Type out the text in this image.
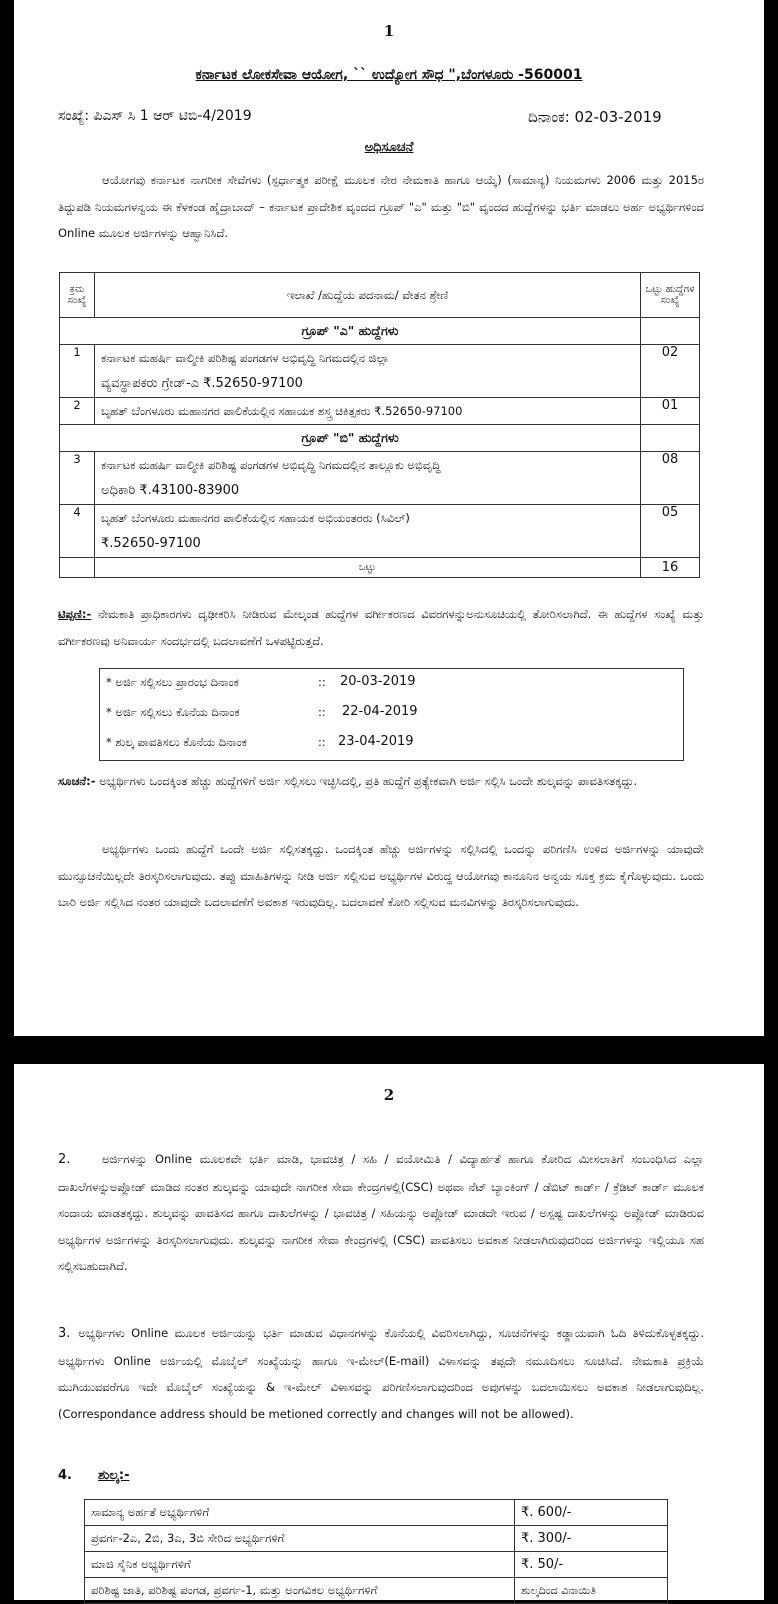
1
ಕರ್ನಾಟಕ ಲೋಕಸೇವಾ ಆಯೋಗ, `` ಉದ್ಯೋಗ ಸೌಧ ",ಬೆಂಗಳೂರು -560001
ಸಂಖ್ಯೆ: ಪಿಎಸ್ ಸಿ 1 ಆರ್ ಟಿಬಿ-4/2019	ದಿನಾಂಕ: 02-03-2019
ಅಧಿಸೂಚನೆ

ಆಯೋಗವು ಕರ್ನಾಟಕ ನಾಗರೀಕ ಸೇವೆಗಳು (ಸ್ಪರ್ಧಾತ್ಮಕ ಪರೀಕ್ಷೆ ಮೂಲಕ ನೇರ ನೇಮಕಾತಿ ಹಾಗೂ ಆಯ್ಕೆ) (ಸಾಮಾನ್ಯ) ನಿಯಮಗಳು 2006 ಮತ್ತು 2015ರ ತಿದ್ದುಪಡಿ ನಿಯಮಗಳನ್ವಯ ಈ ಕೆಳಕಂಡ ಹೈದ್ರಾಬಾದ್ – ಕರ್ನಾಟಕ ಪ್ರಾದೇಶಿಕ ವೃಂದದ ಗ್ರೂಪ್ "ಎ" ಮತ್ತು "ಬಿ" ವೃಂದದ ಹುದ್ದೆಗಳನ್ನು ಭರ್ತಿ ಮಾಡಲು ಅರ್ಹ ಅಭ್ಯರ್ಥಿಗಳಿಂದ Online ಮೂಲಕ ಅರ್ಜಿಗಳನ್ನು ಆಹ್ವಾನಿಸಿದೆ.

ಕ್ರಮ ಸಂಖ್ಯೆ	ಇಲಾಖೆ /ಹುದ್ದೆಯ ಪದನಾಮ/ ವೇತನ ಶ್ರೇಣಿ	ಒಟ್ಟು ಹುದ್ದೆಗಳ ಸಂಖ್ಯೆ
ಗ್ರೂಪ್ "ಎ" ಹುದ್ದೆಗಳು		
1	ಕರ್ನಾಟಕ ಮಹರ್ಷಿ ವಾಲ್ಮೀಕಿ ಪರಿಶಿಷ್ಟ ಪಂಗಡಗಳ ಅಭಿವೃದ್ಧಿ ನಿಗಮದಲ್ಲಿನ ಜಿಲ್ಲಾ
ವ್ಯವಸ್ಥಾಪಕರು ಗ್ರೇಡ್-ಎ ₹.52650-97100	02
2	ಬೃಹತ್ ಬೆಂಗಳೂರು ಮಹಾನಗರ ಪಾಲಿಕೆಯಲ್ಲಿನ ಸಹಾಯಕ ಶಸ್ತ್ರ ಚಿಕಿತ್ಸಕರು ₹.52650-97100	01
ಗ್ರೂಪ್ "ಬಿ" ಹುದ್ದೆಗಳು		
3	ಕರ್ನಾಟಕ ಮಹರ್ಷಿ ವಾಲ್ಮೀಕಿ ಪರಿಶಿಷ್ಟ ಪಂಗಡಗಳ ಅಭಿವೃದ್ಧಿ ನಿಗಮದಲ್ಲಿನ ತಾಲ್ಲೂಕು ಅಭಿವೃದ್ಧಿ
ಅಧಿಕಾರಿ ₹.43100-83900	08
4	ಬೃಹತ್ ಬೆಂಗಳೂರು ಮಹಾನಗರ ಪಾಲಿಕೆಯಲ್ಲಿನ ಸಹಾಯಕ ಅಭಿಯಂತರರು (ಸಿವಿಲ್)
₹.52650-97100	05
	ಒಟ್ಟು	16

ಟಿಪ್ಪಣಿ:- ನೇಮಕಾತಿ ಪ್ರಾಧಿಕಾರಗಳು ದೃಢೀಕರಿಸಿ ನೀಡಿರುವ ಮೇಲ್ಕಂಡ ಹುದ್ದೆಗಳ ವರ್ಗೀಕರಣದ ವಿವರಗಳನ್ನುಅನುಸೂಚಿಯಲ್ಲಿ ತೋರಿಸಲಾಗಿದೆ. ಈ ಹುದ್ದೆಗಳ ಸಂಖ್ಯೆ ಮತ್ತು ವರ್ಗೀಕರಣವು ಅನಿವಾರ್ಯ ಸಂದರ್ಭದಲ್ಲಿ ಬದಲಾವಣೆಗೆ ಒಳಪಟ್ಟಿರುತ್ತದೆ.

* ಅರ್ಜಿ ಸಲ್ಲಿಸಲು ಪ್ರಾರಂಭ ದಿನಾಂಕ	:: 20-03-2019
* ಅರ್ಜಿ ಸಲ್ಲಿಸಲು ಕೊನೆಯ ದಿನಾಂಕ	:: 22-04-2019
* ಶುಲ್ಕ ಪಾವತಿಸಲು ಕೊನೆಯ ದಿನಾಂಕ	:: 23-04-2019

ಸೂಚನೆ:- ಅಭ್ಯರ್ಥಿಗಳು ಒಂದಕ್ಕಿಂತ ಹೆಚ್ಚು ಹುದ್ದೆಗಳಿಗೆ ಅರ್ಜಿ ಸಲ್ಲಿಸಲು ಇಚ್ಛಿಸಿದಲ್ಲಿ, ಪ್ರತಿ ಹುದ್ದೆಗೆ ಪ್ರತ್ಯೇಕವಾಗಿ ಅರ್ಜಿ ಸಲ್ಲಿಸಿ ಒಂದೇ ಶುಲ್ಕವನ್ನು ಪಾವತಿಸತಕ್ಕದ್ದು.

ಅಭ್ಯರ್ಥಿಗಳು ಒಂದು ಹುದ್ದೆಗೆ ಒಂದೇ ಅರ್ಜಿ ಸಲ್ಲಿಸತಕ್ಕದ್ದು. ಒಂದಕ್ಕಿಂತ ಹೆಚ್ಚು ಅರ್ಜಿಗಳನ್ನು ಸಲ್ಲಿಸಿದಲ್ಲಿ ಒಂದನ್ನು ಪರಿಗಣಿಸಿ ಉಳಿದ ಅರ್ಜಿಗಳನ್ನು ಯಾವುದೇ ಮುನ್ಸೂಚನೆಯಿಲ್ಲದೇ ತಿರಸ್ಕರಿಸಲಾಗುವುದು. ತಪ್ಪು ಮಾಹಿತಿಗಳನ್ನು ನೀಡಿ ಅರ್ಜಿ ಸಲ್ಲಿಸುವ ಅಭ್ಯರ್ಥಿಗಳ ವಿರುದ್ಧ ಆಯೋಗವು ಕಾನೂನಿನ ಅನ್ವಯ ಸೂಕ್ತ ಕ್ರಮ ಕೈಗೊಳ್ಳುವುದು. ಒಂದು ಬಾರಿ ಅರ್ಜಿ ಸಲ್ಲಿಸಿದ ನಂತರ ಯಾವುದೇ ಬದಲಾವಣೆಗೆ ಅವಕಾಶ ಇರುವುದಿಲ್ಲ. ಬದಲಾವಣೆ ಕೋರಿ ಸಲ್ಲಿಸುವ ಮನವಿಗಳನ್ನು ತಿರಸ್ಕರಿಸಲಾಗುವುದು.

2

2.	ಅರ್ಜಿಗಳನ್ನು Online ಮೂಲಕವೇ ಭರ್ತಿ ಮಾಡಿ, ಭಾವಚಿತ್ರ / ಸಹಿ / ವಯೋಮಿತಿ / ವಿದ್ಯಾರ್ಹತೆ ಹಾಗೂ ಕೋರಿದ ಮೀಸಲಾತಿಗೆ ಸಂಬಂಧಿಸಿದ ಎಲ್ಲಾ ದಾಖಲೆಗಳನ್ನುಅಪ್ಲೋಡ್ ಮಾಡಿದ ನಂತರ ಶುಲ್ಕವನ್ನು ಯಾವುದೇ ನಾಗರೀಕ ಸೇವಾ ಕೇಂದ್ರಗಳಲ್ಲಿ(CSC) ಅಥವಾ ನೆಟ್ ಬ್ಯಾಂಕಿಂಗ್ / ಡೆಬಿಟ್ ಕಾರ್ಡ್ / ಕ್ರೆಡಿಟ್ ಕಾರ್ಡ್ ಮೂಲಕ ಸಂದಾಯ ಮಾಡತಕ್ಕದ್ದು. ಶುಲ್ಕವನ್ನು ಪಾವತಿಸದ ಹಾಗೂ ದಾಖಲೆಗಳನ್ನು / ಭಾವಚಿತ್ರ / ಸಹಿಯನ್ನು ಅಪ್ಲೋಡ್ ಮಾಡದೇ ಇರುವ / ಅಸ್ಪಷ್ಟ ದಾಖಲೆಗಳನ್ನು ಅಪ್ಲೋಡ್ ಮಾಡಿರುವ ಅಭ್ಯರ್ಥಿಗಳ ಅರ್ಜಿಗಳನ್ನು ತಿರಸ್ಕರಿಸಲಾಗುವುದು. ಶುಲ್ಕವನ್ನು ನಾಗರೀಕ ಸೇವಾ ಕೇಂದ್ರಗಳಲ್ಲಿ (CSC) ಪಾವತಿಸಲು ಅವಕಾಶ ನೀಡಲಾಗಿರುವುದರಿಂದ ಅರ್ಜಿಗಳನ್ನು ಇಲ್ಲಿಯೂ ಸಹ ಸಲ್ಲಿಸಬಹುದಾಗಿದೆ.

3. ಅಭ್ಯರ್ಥಿಗಳು Online ಮೂಲಕ ಅರ್ಜಿಯನ್ನು ಭರ್ತಿ ಮಾಡುವ ವಿಧಾನಗಳನ್ನು ಕೊನೆಯಲ್ಲಿ ವಿವರಿಸಲಾಗಿದ್ದು, ಸೂಚನೆಗಳನ್ನು ಕಡ್ಡಾಯವಾಗಿ ಓದಿ ತಿಳಿದುಕೊಳ್ಳತಕ್ಕದ್ದು. ಅಭ್ಯರ್ಥಿಗಳು Online ಅರ್ಜಿಯಲ್ಲಿ ಮೊಬೈಲ್ ಸಂಖ್ಯೆಯನ್ನು ಹಾಗೂ ಇ-ಮೇಲ್(E-mail) ವಿಳಾಸವನ್ನು ತಪ್ಪದೇ ನಮೂದಿಸಲು ಸೂಚಿಸಿದೆ. ನೇಮಕಾತಿ ಪ್ರಕ್ರಿಯೆ ಮುಗಿಯುವವರೆಗೂ ಇದೇ ಮೊಬೈಲ್ ಸಂಖ್ಯೆಯನ್ನು & ಇ-ಮೇಲ್ ವಿಳಾಸವನ್ನು ಪರಿಗಣಿಸಲಾಗುವುದರಿಂದ ಅವುಗಳನ್ನು ಬದಲಾಯಿಸಲು ಅವಕಾಶ ನೀಡಲಾಗುವುದಿಲ್ಲ. (Correspondance address should be metioned correctly and changes will not be allowed).

4. ಶುಲ್ಕ:-
ಸಾಮಾನ್ಯ ಅರ್ಹತೆ ಅಭ್ಯರ್ಥಿಗಳಿಗೆ	₹. 600/-
ಪ್ರವರ್ಗ-2ಎ, 2ಬಿ, 3ಎ, 3ಬಿ ಸೇರಿದ ಅಭ್ಯರ್ಥಿಗಳಿಗೆ	₹. 300/-
ಮಾಜಿ ಸೈನಿಕ ಅಭ್ಯರ್ಥಿಗಳಿಗೆ	₹. 50/-
ಪರಿಶಿಷ್ಟ ಜಾತಿ, ಪರಿಶಿಷ್ಟ ಪಂಗಡ, ಪ್ರವರ್ಗ-1, ಮತ್ತು ಅಂಗವಿಕಲ ಅಭ್ಯರ್ಥಿಗಳಿಗೆ	ಶುಲ್ಕದಿಂದ ವಿನಾಯಿತಿ
